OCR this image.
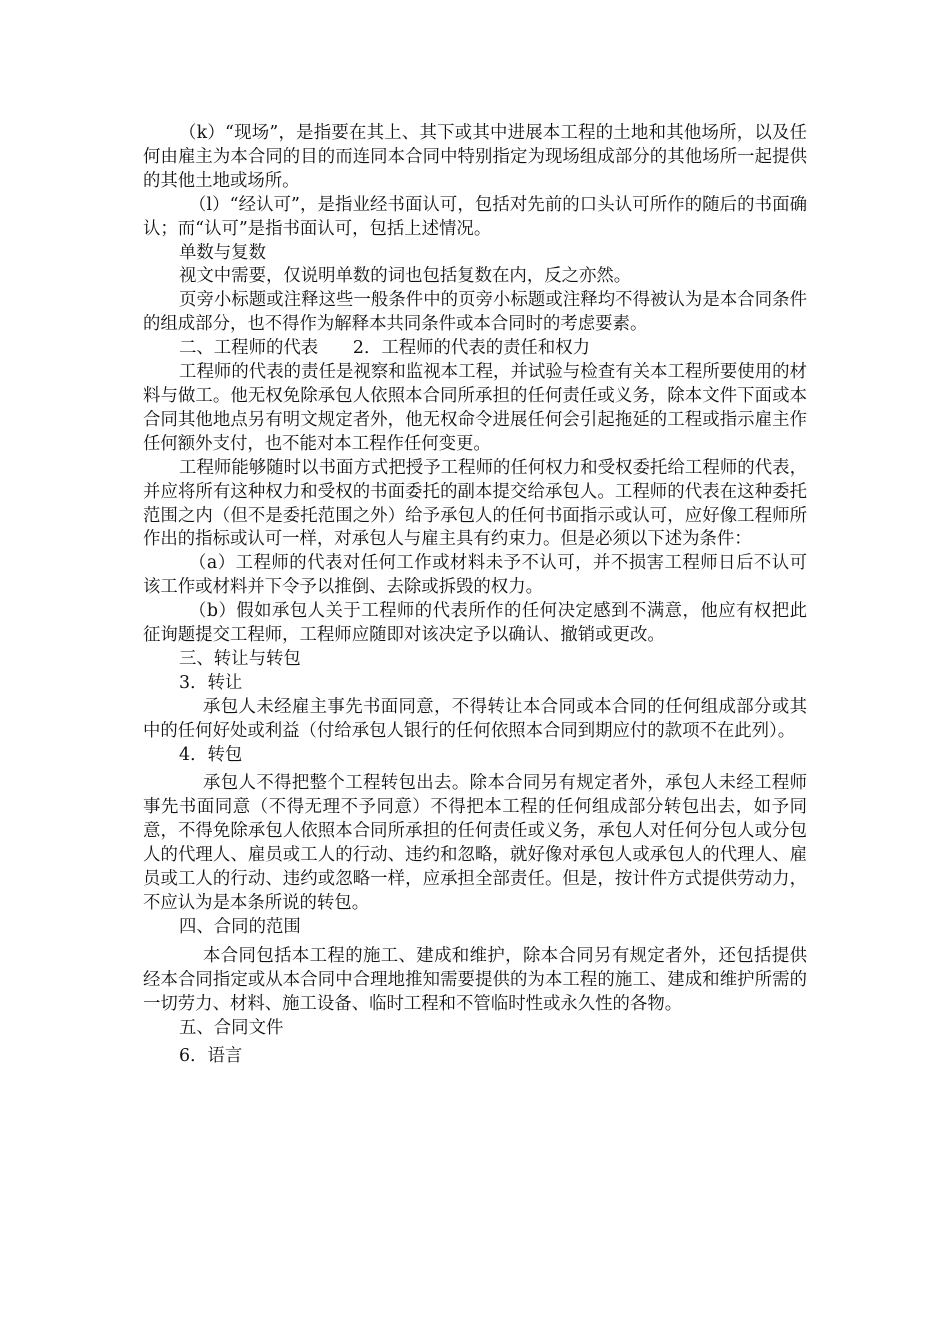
（k）“现场”，是指要在其上、其下或其中进展本工程的土地和其他场所，以及任何由雇主为本合同的目的而连同本合同中特别指定为现场组成部分的其他场所一起提供的其他土地或场所。

（l）“经认可”，是指业经书面认可，包括对先前的口头认可所作的随后的书面确认；而“认可”是指书面认可，包括上述情况。

单数与复数

视文中需要，仅说明单数的词也包括复数在内，反之亦然。

页旁小标题或注释这些一般条件中的页旁小标题或注释均不得被认为是本合同条件的组成部分，也不得作为解释本共同条件或本合同时的考虑要素。

二、工程师的代表　　2．工程师的代表的责任和权力

工程师的代表的责任是视察和监视本工程，并试验与检查有关本工程所要使用的材料与做工。他无权免除承包人依照本合同所承担的任何责任或义务，除本文件下面或本合同其他地点另有明文规定者外，他无权命令进展任何会引起拖延的工程或指示雇主作任何额外支付，也不能对本工程作任何变更。

工程师能够随时以书面方式把授予工程师的任何权力和受权委托给工程师的代表，并应将所有这种权力和受权的书面委托的副本提交给承包人。工程师的代表在这种委托范围之内（但不是委托范围之外）给予承包人的任何书面指示或认可，应好像工程师所作出的指标或认可一样，对承包人与雇主具有约束力。但是必须以下述为条件：

（a）工程师的代表对任何工作或材料未予不认可，并不损害工程师日后不认可该工作或材料并下令予以推倒、去除或拆毁的权力。

（b）假如承包人关于工程师的代表所作的任何决定感到不满意，他应有权把此征询题提交工程师，工程师应随即对该决定予以确认、撤销或更改。

三、转让与转包

3．转让

承包人未经雇主事先书面同意，不得转让本合同或本合同的任何组成部分或其中的任何好处或利益（付给承包人银行的任何依照本合同到期应付的款项不在此列）。

4．转包

承包人不得把整个工程转包出去。除本合同另有规定者外，承包人未经工程师事先书面同意（不得无理不予同意）不得把本工程的任何组成部分转包出去，如予同意，不得免除承包人依照本合同所承担的任何责任或义务，承包人对任何分包人或分包人的代理人、雇员或工人的行动、违约和忽略，就好像对承包人或承包人的代理人、雇员或工人的行动、违约或忽略一样，应承担全部责任。但是，按计件方式提供劳动力，不应认为是本条所说的转包。

四、合同的范围

本合同包括本工程的施工、建成和维护，除本合同另有规定者外，还包括提供经本合同指定或从本合同中合理地推知需要提供的为本工程的施工、建成和维护所需的一切劳力、材料、施工设备、临时工程和不管临时性或永久性的各物。

五、合同文件

6．语言
